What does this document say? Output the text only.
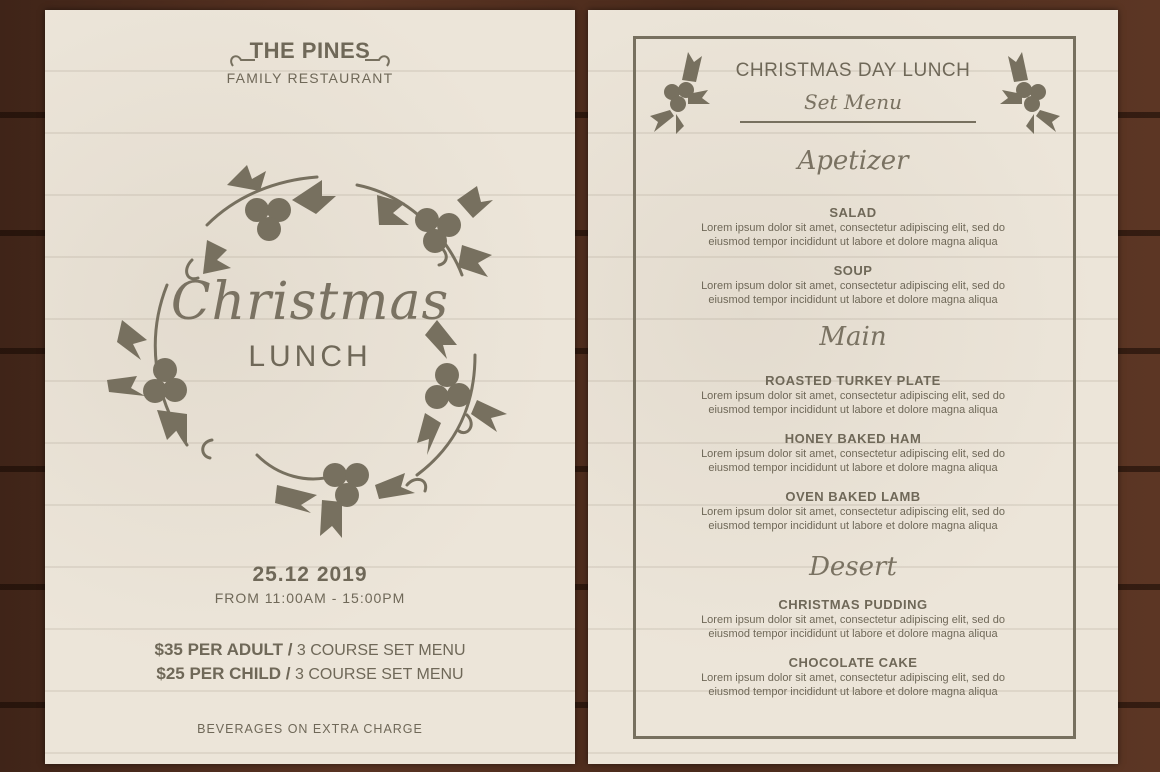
THE PINES
FAMILY RESTAURANT
Christmas
LUNCH
25.12 2019
FROM 11:00AM - 15:00PM
$35 PER ADULT / 3 COURSE SET MENU
$25 PER CHILD / 3 COURSE SET MENU
BEVERAGES ON EXTRA CHARGE
CHRISTMAS DAY LUNCH
Set Menu
Apetizer
SALAD
Lorem ipsum dolor sit amet, consectetur adipiscing elit, sed do
eiusmod tempor incididunt ut labore et dolore magna aliqua
SOUP
Lorem ipsum dolor sit amet, consectetur adipiscing elit, sed do
eiusmod tempor incididunt ut labore et dolore magna aliqua
Main
ROASTED TURKEY PLATE
Lorem ipsum dolor sit amet, consectetur adipiscing elit, sed do
eiusmod tempor incididunt ut labore et dolore magna aliqua
HONEY BAKED HAM
Lorem ipsum dolor sit amet, consectetur adipiscing elit, sed do
eiusmod tempor incididunt ut labore et dolore magna aliqua
OVEN BAKED LAMB
Lorem ipsum dolor sit amet, consectetur adipiscing elit, sed do
eiusmod tempor incididunt ut labore et dolore magna aliqua
Desert
CHRISTMAS PUDDING
Lorem ipsum dolor sit amet, consectetur adipiscing elit, sed do
eiusmod tempor incididunt ut labore et dolore magna aliqua
CHOCOLATE CAKE
Lorem ipsum dolor sit amet, consectetur adipiscing elit, sed do
eiusmod tempor incididunt ut labore et dolore magna aliqua
